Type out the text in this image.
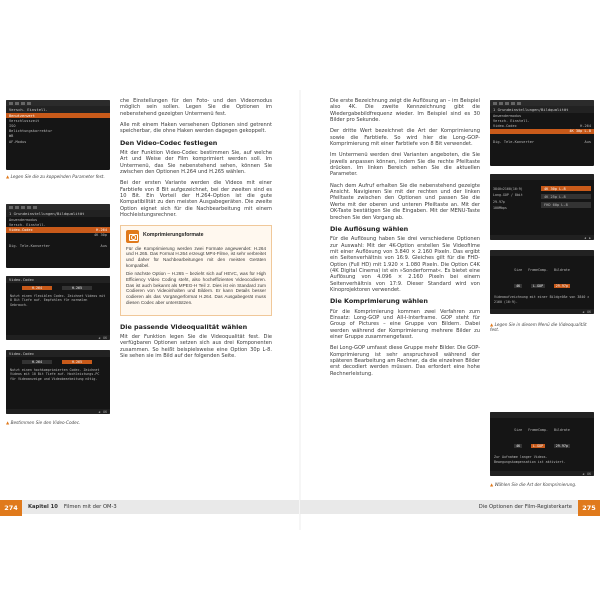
Versch. Einstell.
Benutzerwert
Verschlusszeit
ISO
Belichtungskorrektur
WB
AF-Modus
▲ Legen Sie die zu koppelnden Parameter fest.
1 Grundeinstellungen/Bildqualität
Anwendermodus
Versch. Einstell.
Video-Codec	H.264
4K 30p
Dig. Tele-Konverter	Aus
Video-Codec
H.264	H.265
Nutzt einen flexiblen Codec. Zeichnet Videos mit 8 Bit Tiefe auf. Empfohlen für normalen Gebrauch.
◀ OK
Video-Codec
H.264	H.265
Nutzt einen hochkomprimierten Codec. Zeichnet Videos mit 10 Bit Tiefe auf. Hochleistungs-PC für Videoanzeige und Videobearbeitung nötig.
◀ OK
▲ Bestimmen Sie den Video-Codec.

che Einstellungen für den Foto- und den Videomodus möglich sein sollen. Legen Sie die Optionen im nebenstehend gezeigten Untermenü fest.

Alle mit einem Haken versehenen Optionen sind getrennt speicherbar, die ohne Haken werden dagegen gekoppelt.

Den Video-Codec festlegen

Mit der Funktion Video-Codec bestimmen Sie, auf welche Art und Weise der Film komprimiert werden soll. Im Untermenü, das Sie nebenstehend sehen, können Sie zwischen den Optionen H.264 und H.265 wählen.

Bei der ersten Variante werden die Videos mit einer Farbtiefe von 8 Bit aufgezeichnet, bei der zweiten sind es 10 Bit. Ein Vorteil der H.264-Option ist die gute Kompatibilität zu den meisten Ausgabegeräten. Die zweite Option eignet sich für die Nachbearbeitung mit einem Hochleistungsrechner.

Komprimierungsformate

Für die Komprimierung werden zwei Formate angewendet: H.264 und H.265. Das Format H.264 erzeugt MP4-Filme, ist sehr verbreitet und daher für Nachbearbeitungen mit den meisten Geräten kompatibel.

Die nächste Option – H.265 – bezieht sich auf HEVC, was für High Efficiency Video Coding steht, also hocheffizientes Videocodieren. Das ist auch bekannt als MPEG-H Teil 2. Dies ist ein Standard zum Codieren von Videoinhalten und Bildern. Er kann Details besser codieren als das Vorgängerformat H.264. Das Ausgabegerät muss diesen Codec aber unterstützen.

Die passende Videoqualität wählen

Mit der Funktion legen Sie die Videoqualität fest. Die verfügbaren Optionen setzen sich aus drei Komponenten zusammen. So heißt beispielsweise eine Option 30p L-8. Sie sehen sie im Bild auf der folgenden Seite.

274	Kapitel 10 Filmen mit der OM-3

Die erste Bezeichnung zeigt die Auflösung an – im Beispiel also 4K. Die zweite Kennzeichnung gibt die Wiedergabebildfrequenz wieder. Im Beispiel sind es 30 Bilder pro Sekunde.

Der dritte Wert bezeichnet die Art der Komprimierung sowie die Farbtiefe. So wird hier die Long-GOP-Komprimierung mit einer Farbtiefe von 8 Bit verwendet.

Im Untermenü werden drei Varianten angeboten, die Sie jeweils anpassen können, indem Sie die rechte Pfeiltaste drücken. Im linken Bereich sehen Sie die aktuellen Parameter.

Nach dem Aufruf erhalten Sie die nebenstehend gezeigte Ansicht. Navigieren Sie mit der rechten und der linken Pfeiltaste zwischen den Optionen und passen Sie die Werte mit der oberen und unteren Pfeiltaste an. Mit der OK-Taste bestätigen Sie die Eingaben. Mit der MENU-Taste brechen Sie den Vorgang ab.

Die Auflösung wählen

Für die Auflösung haben Sie drei verschiedene Optionen zur Auswahl: Mit der 4K-Option erstellen Sie Videofilme mit einer Auflösung von 3.840 × 2.160 Pixeln. Das ergibt ein Seitenverhältnis von 16:9. Gleiches gilt für die FHD-Option (Full HD) mit 1.920 × 1.080 Pixeln. Die Option C4K (4K Digital Cinema) ist ein »Sonderformat«. Es bietet eine Auflösung von 4.096 × 2.160 Pixeln bei einem Seitenverhältnis von 17:9. Dieser Standard wird von Kinoprojektoren verwendet.

Die Komprimierung wählen

Für die Komprimierung kommen zwei Verfahren zum Einsatz: Long-GOP und All-I-Interframe. GOP steht für Group of Pictures – eine Gruppe von Bildern. Dabei werden während der Komprimierung mehrere Bilder zu einer Gruppe zusammengefasst.

Bei Long-GOP umfasst diese Gruppe mehr Bilder. Die GOP-Komprimierung ist sehr anspruchsvoll während der späteren Bearbeitung am Rechner, da die einzelnen Bilder erst decodiert werden müssen. Das erfordert eine hohe Rechnerleistung.

1 Grundeinstellungen/Bildqualität
Anwendermodus
Versch. Einstell.
Video-Codec	H.264
4K 30p L-8
Dig. Tele-Konverter	Aus
3840×2160(16:9)
Long-GOP / 8bit
29.97p
100Mbps
4K 30p L-8
4K 25p L-8
FHD 60p L-8
◀ ▶
Size
4K
FrameComp.
L-GOP
Bildrate
29.97p
Videoaufzeichnung mit einer Bildgröße von 3840 × 2160 (16:9).
◀ OK
▲ Legen Sie in diesem Menü die Videoqualität fest.
Size
4K
FrameComp.
L-GOP
Bildrate
29.97p
Zur Aufnahme langer Videos. Bewegungskompensation ist aktiviert.
◀ OK
▲ Wählen Sie die Art der Komprimierung.
Die Optionen der Film-Registerkarte	275
